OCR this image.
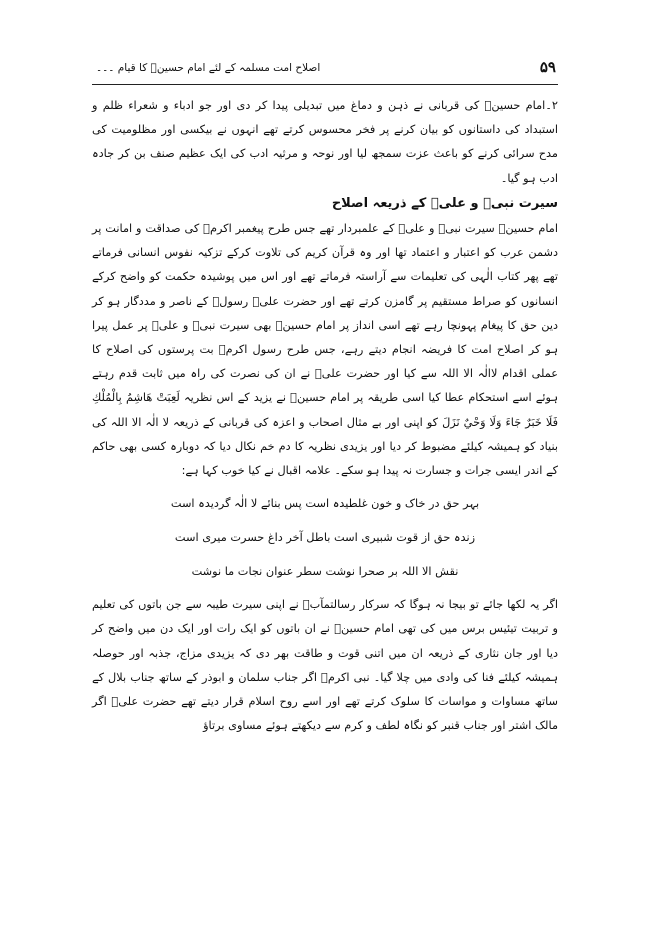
۵۹
اصلاح امت مسلمہ کے لئے امام حسینؑ کا قیام ۔۔۔

۲۔امام حسینؑ کی قربانی نے ذہن و دماغ میں تبدیلی پیدا کر دی اور جو ادباء و شعراء ظلم و استبداد کی داستانوں کو بیان کرنے پر فخر محسوس کرتے تھے انہوں نے بیکسی اور مظلومیت کی مدح سرائی کرنے کو باعث عزت سمجھ لیا اور نوحہ و مرثیہ ادب کی ایک عظیم صنف بن کر جادہ ادب ہو گیا۔

سیرت نبیؐ و علیؑ کے ذریعہ اصلاح

امام حسینؑ سیرت نبیؐ و علیؑ کے علمبردار تھے جس طرح پیغمبر اکرمؐ کی صداقت و امانت پر دشمن عرب کو اعتبار و اعتماد تھا اور وہ قرآن کریم کی تلاوت کرکے تزکیہ نفوس انسانی فرماتے تھے پھر کتاب الٰہی کی تعلیمات سے آراستہ فرماتے تھے اور اس میں پوشیدہ حکمت کو واضح کرکے انسانوں کو صراط مستقیم پر گامزن کرتے تھے اور حضرت علیؑ رسولؐ کے ناصر و مددگار ہو کر دین حق کا پیغام پہونچا رہے تھے اسی انداز پر امام حسینؑ بھی سیرت نبیؐ و علیؑ پر عمل پیرا ہو کر اصلاح امت کا فریضہ انجام دیتے رہے، جس طرح رسول اکرمؐ بت پرستوں کی اصلاح کا عملی اقدام لاالٰہ الا اللہ سے کیا اور حضرت علیؑ نے ان کی نصرت کی راہ میں ثابت قدم رہتے ہوئے اسے استحکام عطا کیا اسی طریقہ پر امام حسینؑ نے یزید کے اس نظریہ لَعِبَتْ هَاشِمُ بِالْمُلْكِ فَلَا خَبَرٌ جَاءَ وَلَا وَحْيٌ نَزَلَ کو اپنی اور بے مثال اصحاب و اعزہ کی قربانی کے ذریعہ لا الٰہ الا اللہ کی بنیاد کو ہمیشہ کیلئے مضبوط کر دیا اور یزیدی نظریہ کا دم خم نکال دیا کہ دوبارہ کسی بھی حاکم کے اندر ایسی جرات و جسارت نہ پیدا ہو سکے۔ علامہ اقبال نے کیا خوب کہا ہے:

بہر حق در خاک و خون غلطیدہ است پس بنائے لا الٰہ گردیدہ است
زندہ حق از قوت شبیری است باطل آخر داغ حسرت میری است
نقش الا اللہ بر صحرا نوشت سطر عنوان نجات ما نوشت

اگر یہ لکھا جائے تو بیجا نہ ہوگا کہ سرکار رسالتمآبؐ نے اپنی سیرت طیبہ سے جن باتوں کی تعلیم و تربیت تیئیس برس میں کی تھی امام حسینؑ نے ان باتوں کو ایک رات اور ایک دن میں واضح کر دیا اور جان نثاری کے ذریعہ ان میں اتنی قوت و طاقت بھر دی کہ یزیدی مزاج، جذبہ اور حوصلہ ہمیشہ کیلئے فنا کی وادی میں چلا گیا۔ نبی اکرمؐ اگر جناب سلمان و ابوذر کے ساتھ جناب بلال کے ساتھ مساوات و مواسات کا سلوک کرتے تھے اور اسے روح اسلام قرار دیتے تھے حضرت علیؑ اگر مالک اشتر اور جناب قنبر کو نگاہ لطف و کرم سے دیکھتے ہوئے مساوی برتاؤ
